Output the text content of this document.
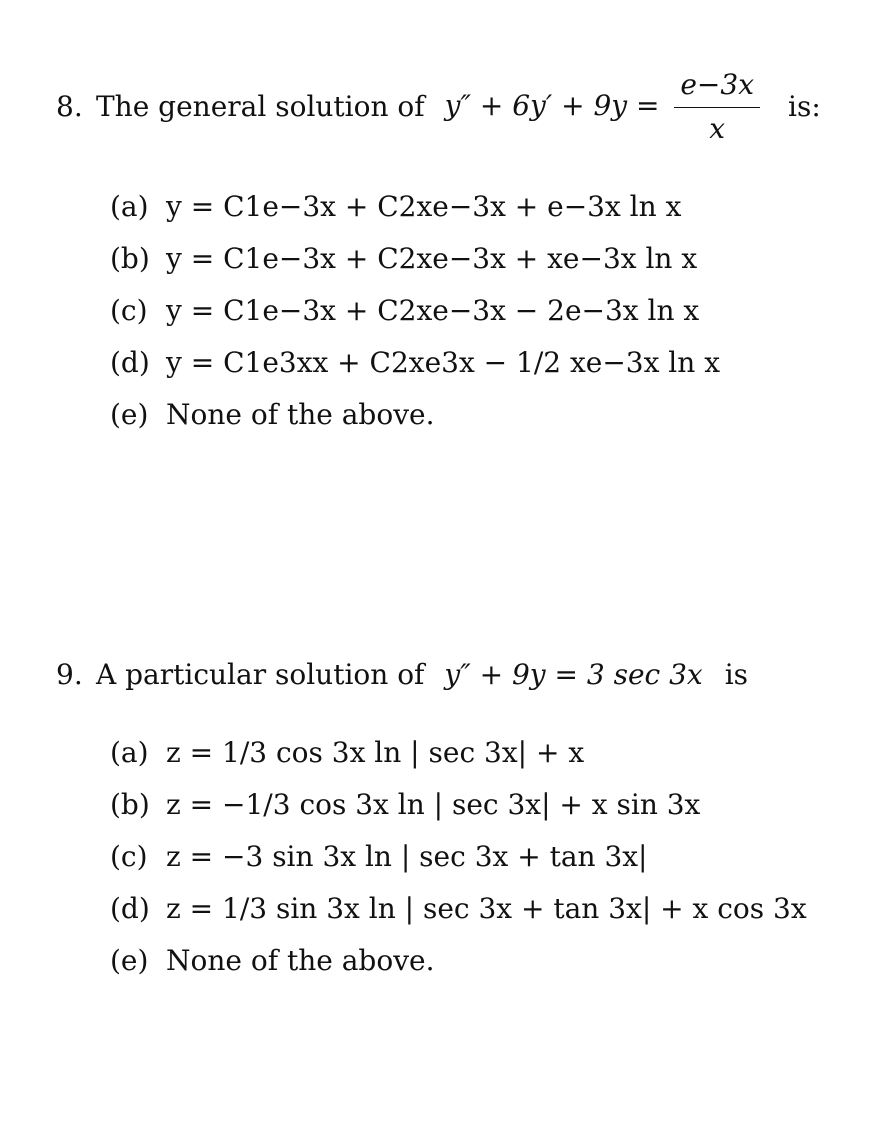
8. The general solution of $y'' + 6y' + 9y = \frac{e-3x}{x}$ is:
(a) y = C1e−3x + C2xe−3x + e−3x ln x
(b) y = C1e−3x + C2xe−3x + xe−3x ln x
(c) y = C1e−3x + C2xe−3x − 2e−3x ln x
(d) y = C1e3xx + C2xe3x − 1/2 xe−3x ln x
(e) None of the above.
9. A particular solution of y″ + 9y = 3 sec 3x is
(a) z = 1/3 cos 3x ln | sec 3x| + x
(b) z = −1/3 cos 3x ln | sec 3x| + x sin 3x
(c) z = −3 sin 3x ln | sec 3x + tan 3x|
(d) z = 1/3 sin 3x ln | sec 3x + tan 3x| + x cos 3x
(e) None of the above.
